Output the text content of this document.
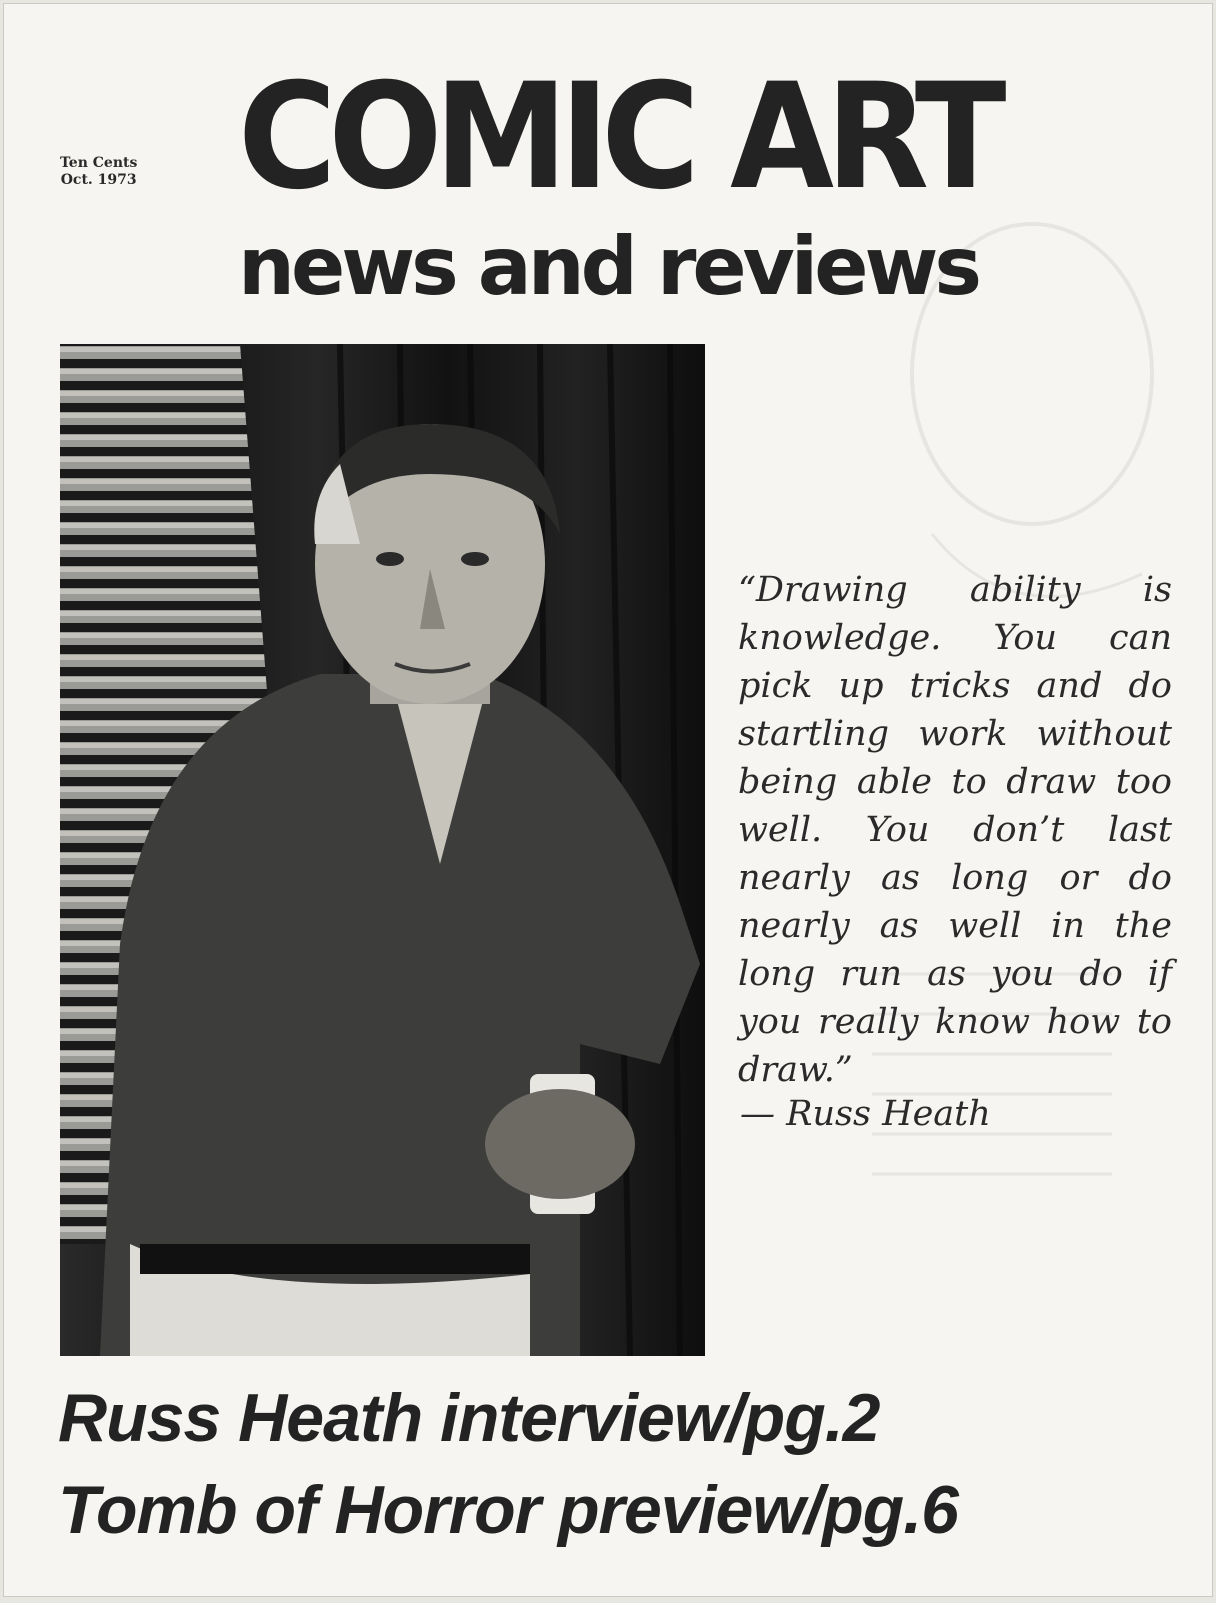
Ten Cents
Oct. 1973 COMIC ART
news and reviews
“Drawing ability is knowledge. You can pick up tricks and do startling work without being able to draw too well. You don’t last nearly as long or do nearly as well in the long run as you do if you really know how to draw.”
— Russ Heath
Russ Heath interview/pg.2
Tomb of Horror preview/pg.6
